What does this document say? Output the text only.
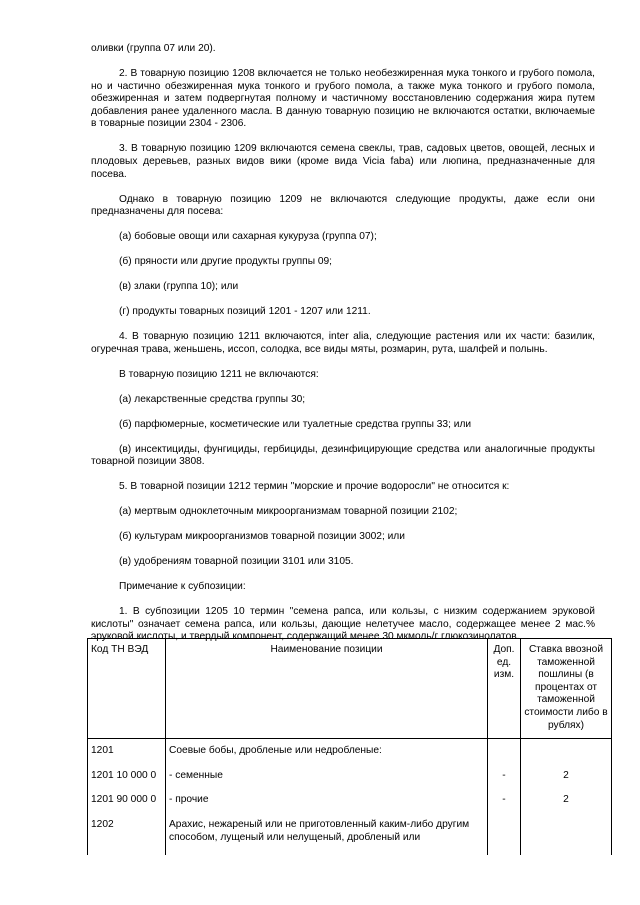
оливки (группа 07 или 20).

2. В товарную позицию 1208 включается не только необезжиренная мука тонкого и грубого помола, но и частично обезжиренная мука тонкого и грубого помола, а также мука тонкого и грубого помола, обезжиренная и затем подвергнутая полному и частичному восстановлению содержания жира путем добавления ранее удаленного масла. В данную товарную позицию не включаются остатки, включаемые в товарные позиции 2304 - 2306.

3. В товарную позицию 1209 включаются семена свеклы, трав, садовых цветов, овощей, лесных и плодовых деревьев, разных видов вики (кроме вида Vicia faba) или люпина, предназначенные для посева.

Однако в товарную позицию 1209 не включаются следующие продукты, даже если они предназначены для посева:

(а) бобовые овощи или сахарная кукуруза (группа 07);

(б) пряности или другие продукты группы 09;

(в) злаки (группа 10); или

(г) продукты товарных позиций 1201 - 1207 или 1211.

4. В товарную позицию 1211 включаются, inter alia, следующие растения или их части: базилик, огуречная трава, женьшень, иссоп, солодка, все виды мяты, розмарин, рута, шалфей и полынь.

В товарную позицию 1211 не включаются:

(а) лекарственные средства группы 30;

(б) парфюмерные, косметические или туалетные средства группы 33; или

(в) инсектициды, фунгициды, гербициды, дезинфицирующие средства или аналогичные продукты товарной позиции 3808.

5. В товарной позиции 1212 термин "морские и прочие водоросли" не относится к:

(а) мертвым одноклеточным микроорганизмам товарной позиции 2102;

(б) культурам микроорганизмов товарной позиции 3002; или

(в) удобрениям товарной позиции 3101 или 3105.

Примечание к субпозиции:

1. В субпозиции 1205 10 термин "семена рапса, или кользы, с низким содержанием эруковой кислоты" означает семена рапса, или кользы, дающие нелетучее масло, содержащее менее 2 мас.% эруковой кислоты, и твердый компонент, содержащий менее 30 мкмоль/г глюкозинолатов.

Код ТН ВЭД	Наименование позиции	Доп. ед. изм.	Ставка ввозной таможенной пошлины (в процентах от таможенной стоимости либо в рублях)
1201	Соевые бобы, дробленые или недробленые:		
1201 10 000 0	- семенные	-	2
1201 90 000 0	- прочие	-	2
1202	Арахис, нежареный или не приготовленный каким-либо другим способом, лущеный или нелущеный, дробленый или		
